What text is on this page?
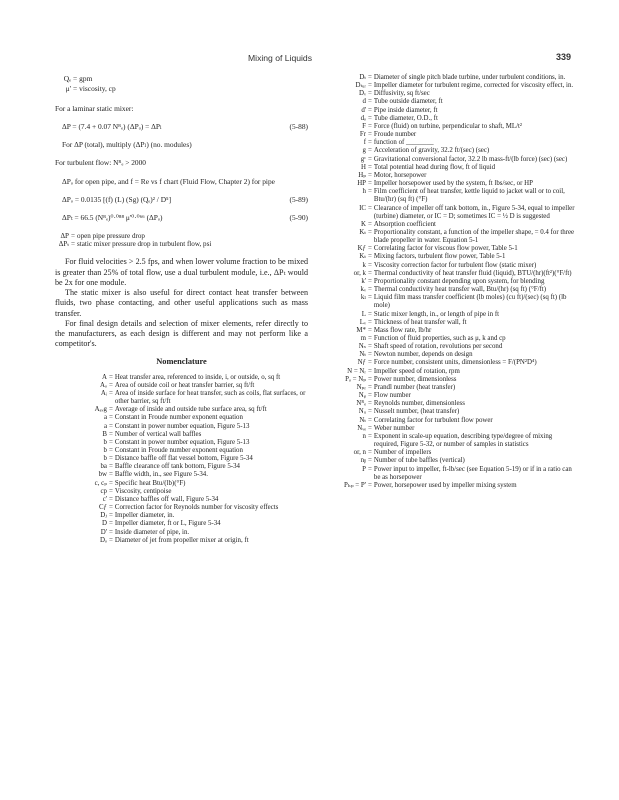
Mixing of Liquids	339
Qₑ = gpm
μ' = viscosity, cp
For a laminar static mixer:
ΔP = (7.4 + 0.07 Nᴿₑ) (ΔPₒ) = ΔPₗ	(5-88)
For ΔP (total), multiply (ΔPₗ) (no. modules)
For turbulent flow: Nᴿₑ > 2000
ΔPₒ for open pipe, and f = Re vs f chart (Fluid Flow, Chapter 2) for pipe
ΔPₒ = 0.0135 [(f) (L) (Sg) (Qₑ)² / D⁵]	(5-89)
ΔPₜ = 66.5 (Nᴿₑ)⁰·⁰⁸⁸ μ'⁰·⁰⁶⁶ (ΔPₒ)	(5-90)
ΔP = open pipe pressure drop
ΔPₜ = static mixer pressure drop in turbulent flow, psi

For fluid velocities > 2.5 fps, and when lower volume fraction to be mixed is greater than 25% of total flow, use a dual turbulent module, i.e., ΔPₜ would be 2x for one module.

The static mixer is also useful for direct contact heat transfer between fluids, two phase contacting, and other useful applications such as mass transfer.

For final design details and selection of mixer elements, refer directly to the manufacturers, as each design is different and may not perform like a competitor's.

Nomenclature
A = Heat transfer area, referenced to inside, i, or outside, o, sq ft
Aₒ = Area of outside coil or heat transfer barrier, sq ft/ft
Aᵢ = Area of inside surface for heat transfer, such as coils, flat surfaces, or other barrier, sq ft/ft
Aₐᵥg = Average of inside and outside tube surface area, sq ft/ft
a = Constant in Froude number exponent equation
a = Constant in power number equation, Figure 5-13
B = Number of vertical wall baffles
b = Constant in power number equation, Figure 5-13
b = Constant in Froude number exponent equation
b = Distance baffle off flat vessel bottom, Figure 5-34
ba = Baffle clearance off tank bottom, Figure 5-34
bw = Baffle width, in., see Figure 5-34.
c, cₚ = Specific heat Btu/(lb)(°F)
cp = Viscosity, centipoise
c' = Distance baffles off wall, Figure 5-34
Cƒ = Correction factor for Reynolds number for viscosity effects
Dⱼ = Impeller diameter, in.
D = Impeller diameter, ft or L, Figure 5-34
D' = Inside diameter of pipe, in.
Dₒ = Diameter of jet from propeller mixer at origin, ft
Dₜ = Diameter of single pitch blade turbine, under turbulent conditions, in.
Dₜᵤᵣ = Impeller diameter for turbulent regime, corrected for viscosity effect, in.
Dᵥ = Diffusivity, sq ft/sec
d = Tube outside diameter, ft
d' = Pipe inside diameter, ft
dₒ = Tube diameter, O.D., ft
F = Force (fluid) on turbine, perpendicular to shaft, ML/t²
Fr = Froude number
f = function of ________
g = Acceleration of gravity, 32.2 ft/(sec) (sec)
gᶜ = Gravitational conversional factor, 32.2 lb mass-ft/(lb force) (sec) (sec)
H = Total potential head during flow, ft of liquid
Hₚ = Motor, horsepower
HP = Impeller horsepower used by the system, ft lbs/sec, or HP
h = Film coefficient of heat transfer, kettle liquid to jacket wall or to coil, Btu/(hr) (sq ft) (°F)
IC = Clearance of impeller off tank bottom, in., Figure 5-34, equal to impeller (turbine) diameter, or IC = D; sometimes IC = ½ D is suggested
K = Absorption coefficient
Kₜ = Proportionality constant, a function of the impeller shape, = 0.4 for three blade propeller in water. Equation 5-1
Kƒ = Correlating factor for viscous flow power, Table 5-1
Kₜ = Mixing factors, turbulent flow power, Table 5-1
k = Viscosity correction factor for turbulent flow (static mixer)
or, k = Thermal conductivity of heat transfer fluid (liquid), BTU/(hr)(ft²)(°F/ft)
k' = Proportionality constant depending upon system, for blending
kᵥ = Thermal conductivity heat transfer wall, Btu/(hr) (sq ft) (°F/ft)
kₗ = Liquid film mass transfer coefficient (lb moles) (cu ft)/(sec) (sq ft) (lb mole)
L = Static mixer length, in., or length of pipe in ft
Lᵥ = Thickness of heat transfer wall, ft
M* = Mass flow rate, lb/hr
m = Function of fluid properties, such as μ, k and cp
Nₛ = Shaft speed of rotation, revolutions per second
Nₜ = Newton number, depends on design
Nƒ = Force number, consistent units, dimensionless = F/(PN²D⁴)
N = Nᵣ = Impeller speed of rotation, rpm
Pₒ = Nₚ = Power number, dimensionless
Nₚᵣ = Prandl number (heat transfer)
Nᵩ = Flow number
Nᴿₑ = Reynolds number, dimensionless
Nᵤ = Nusselt number, (heat transfer)
Nₜ = Correlating factor for turbulent flow power
Nᵥₑ = Weber number
n = Exponent in scale-up equation, describing type/degree of mixing required, Figure 5-32, or number of samples in statistics
or, n = Number of impellers
nᵦ = Number of tube baffles (vertical)
P = Power input to impeller, ft-lb/sec (see Equation 5-19) or if in a ratio can be as horsepower
Pₕₚ = P' = Power, horsepower used by impeller mixing system
